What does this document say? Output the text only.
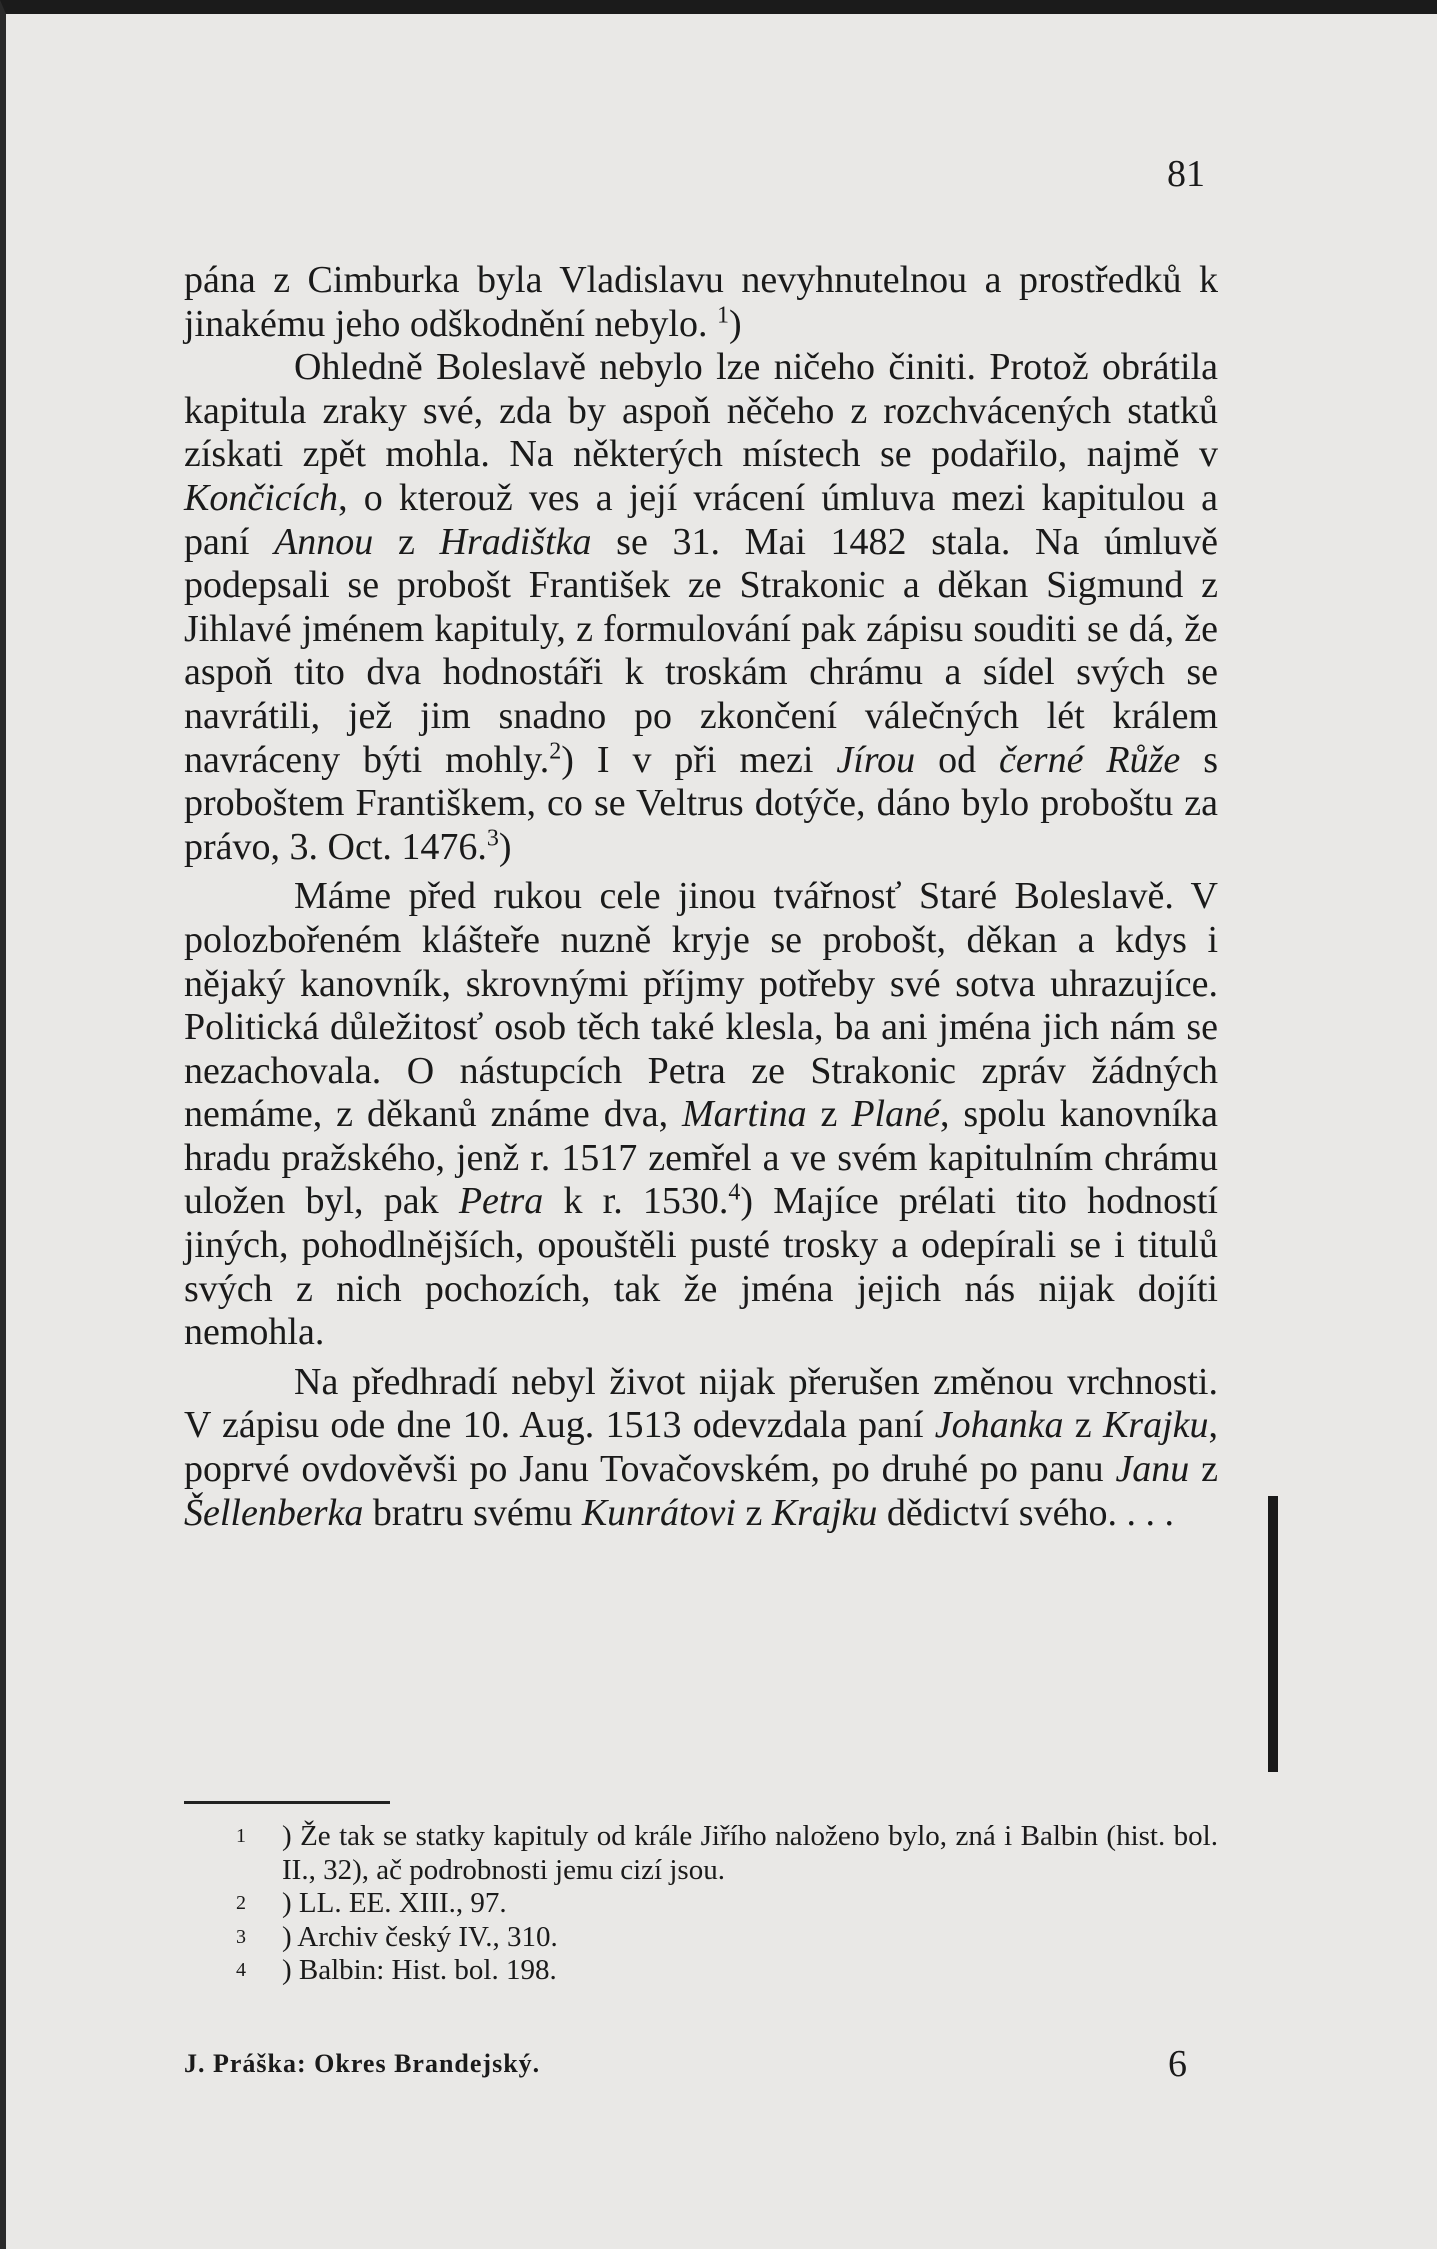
81

pána z Cimburka byla Vladislavu nevyhnutelnou a prostředků k jinakému jeho odškodnění nebylo. $^1$)

Ohledně Boleslavě nebylo lze ničeho činiti. Protož obrátila kapitula zraky své, zda by aspoň něčeho z rozchvácených statků získati zpět mohla. Na některých místech se podařilo, najmě v Končicích, o kterouž ves a její vrácení úmluva mezi kapitulou a paní Annou z Hradištka se 31. Mai 1482 stala. Na úmluvě podepsali se probošt František ze Strakonic a děkan Sigmund z Jihlavé jménem kapituly, z formulování pak zápisu souditi se dá, že aspoň tito dva hodnostáři k troskám chrámu a sídel svých se navrátili, jež jim snadno po zkončení válečných lét králem navráceny býti mohly.$^2$) I v při mezi Jírou od černé Růže s proboštem Františkem, co se Veltrus dotýče, dáno bylo proboštu za právo, 3. Oct. 1476.$^3$)

Máme před rukou cele jinou tvářnosť Staré Boleslavě. V polozbořeném klášteře nuzně kryje se probošt, děkan a kdys i nějaký kanovník, skrovnými příjmy potřeby své sotva uhrazujíce. Politická důležitosť osob těch také klesla, ba ani jména jich nám se nezachovala. O nástupcích Petra ze Strakonic zpráv žádných nemáme, z děkanů známe dva, Martina z Plané, spolu kanovníka hradu pražského, jenž r. 1517 zemřel a ve svém kapitulním chrámu uložen byl, pak Petra k r. 1530.$^4$) Majíce prélati tito hodností jiných, pohodlnějších, opouštěli pusté trosky a odepírali se i titulů svých z nich pochozích, tak že jména jejich nás nijak dojíti nemohla.

Na předhradí nebyl život nijak přerušen změnou vrchnosti. V zápisu ode dne 10. Aug. 1513 odevzdala paní Johanka z Krajku, poprvé ovdověvši po Janu Tovačovském, po druhé po panu Janu z Šellenberka bratru svému Kunrátovi z Krajku dědictví svého. . . .

$^1$ ) Že tak se statky kapituly od krále Jiřího naloženo bylo, zná i Balbin (hist. bol. II., 32), ač podrobnosti jemu cizí jsou.
$^2$ ) LL. EE. XIII., 97.
$^3$ ) Archiv český IV., 310.
$^4$ ) Balbin: Hist. bol. 198.
J. Práška: Okres Brandejský.	6
